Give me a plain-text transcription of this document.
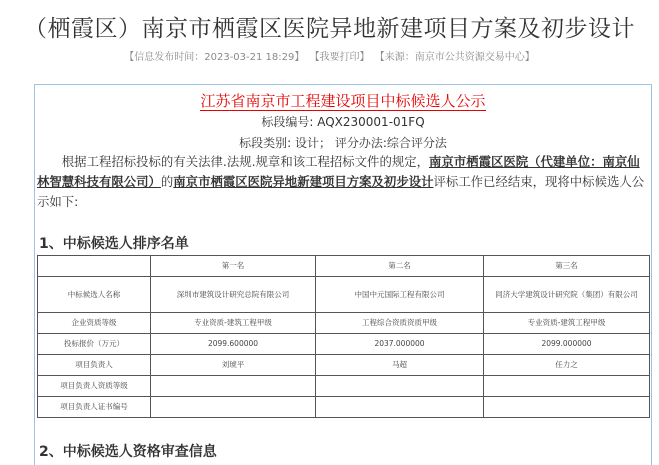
（栖霞区）南京市栖霞区医院异地新建项目方案及初步设计
【信息发布时间：2023-03-21 18:29】 【我要打印】 【来源：南京市公共资源交易中心】
江苏省南京市工程建设项目中标候选人公示
标段编号: AQX230001-01FQ
标段类别: 设计； 评分办法:综合评分法
根据工程招标投标的有关法律.法规.规章和该工程招标文件的规定，南京市栖霞区医院（代建单位：南京仙林智慧科技有限公司）的南京市栖霞区医院异地新建项目方案及初步设计评标工作已经结束，现将中标候选人公示如下:
1、中标候选人排序名单
	第一名	第二名	第三名
中标候选人名称	深圳市建筑设计研究总院有限公司	中国中元国际工程有限公司	同济大学建筑设计研究院（集团）有限公司
企业资质等级	专业资质-建筑工程甲级	工程综合资质资质甲级	专业资质-建筑工程甲级
投标报价（万元）	2099.600000	2037.000000	2099.000000
项目负责人	刘琥平	马超	任力之
项目负责人资质等级			
项目负责人证书编号			
2、中标候选人资格审查信息
